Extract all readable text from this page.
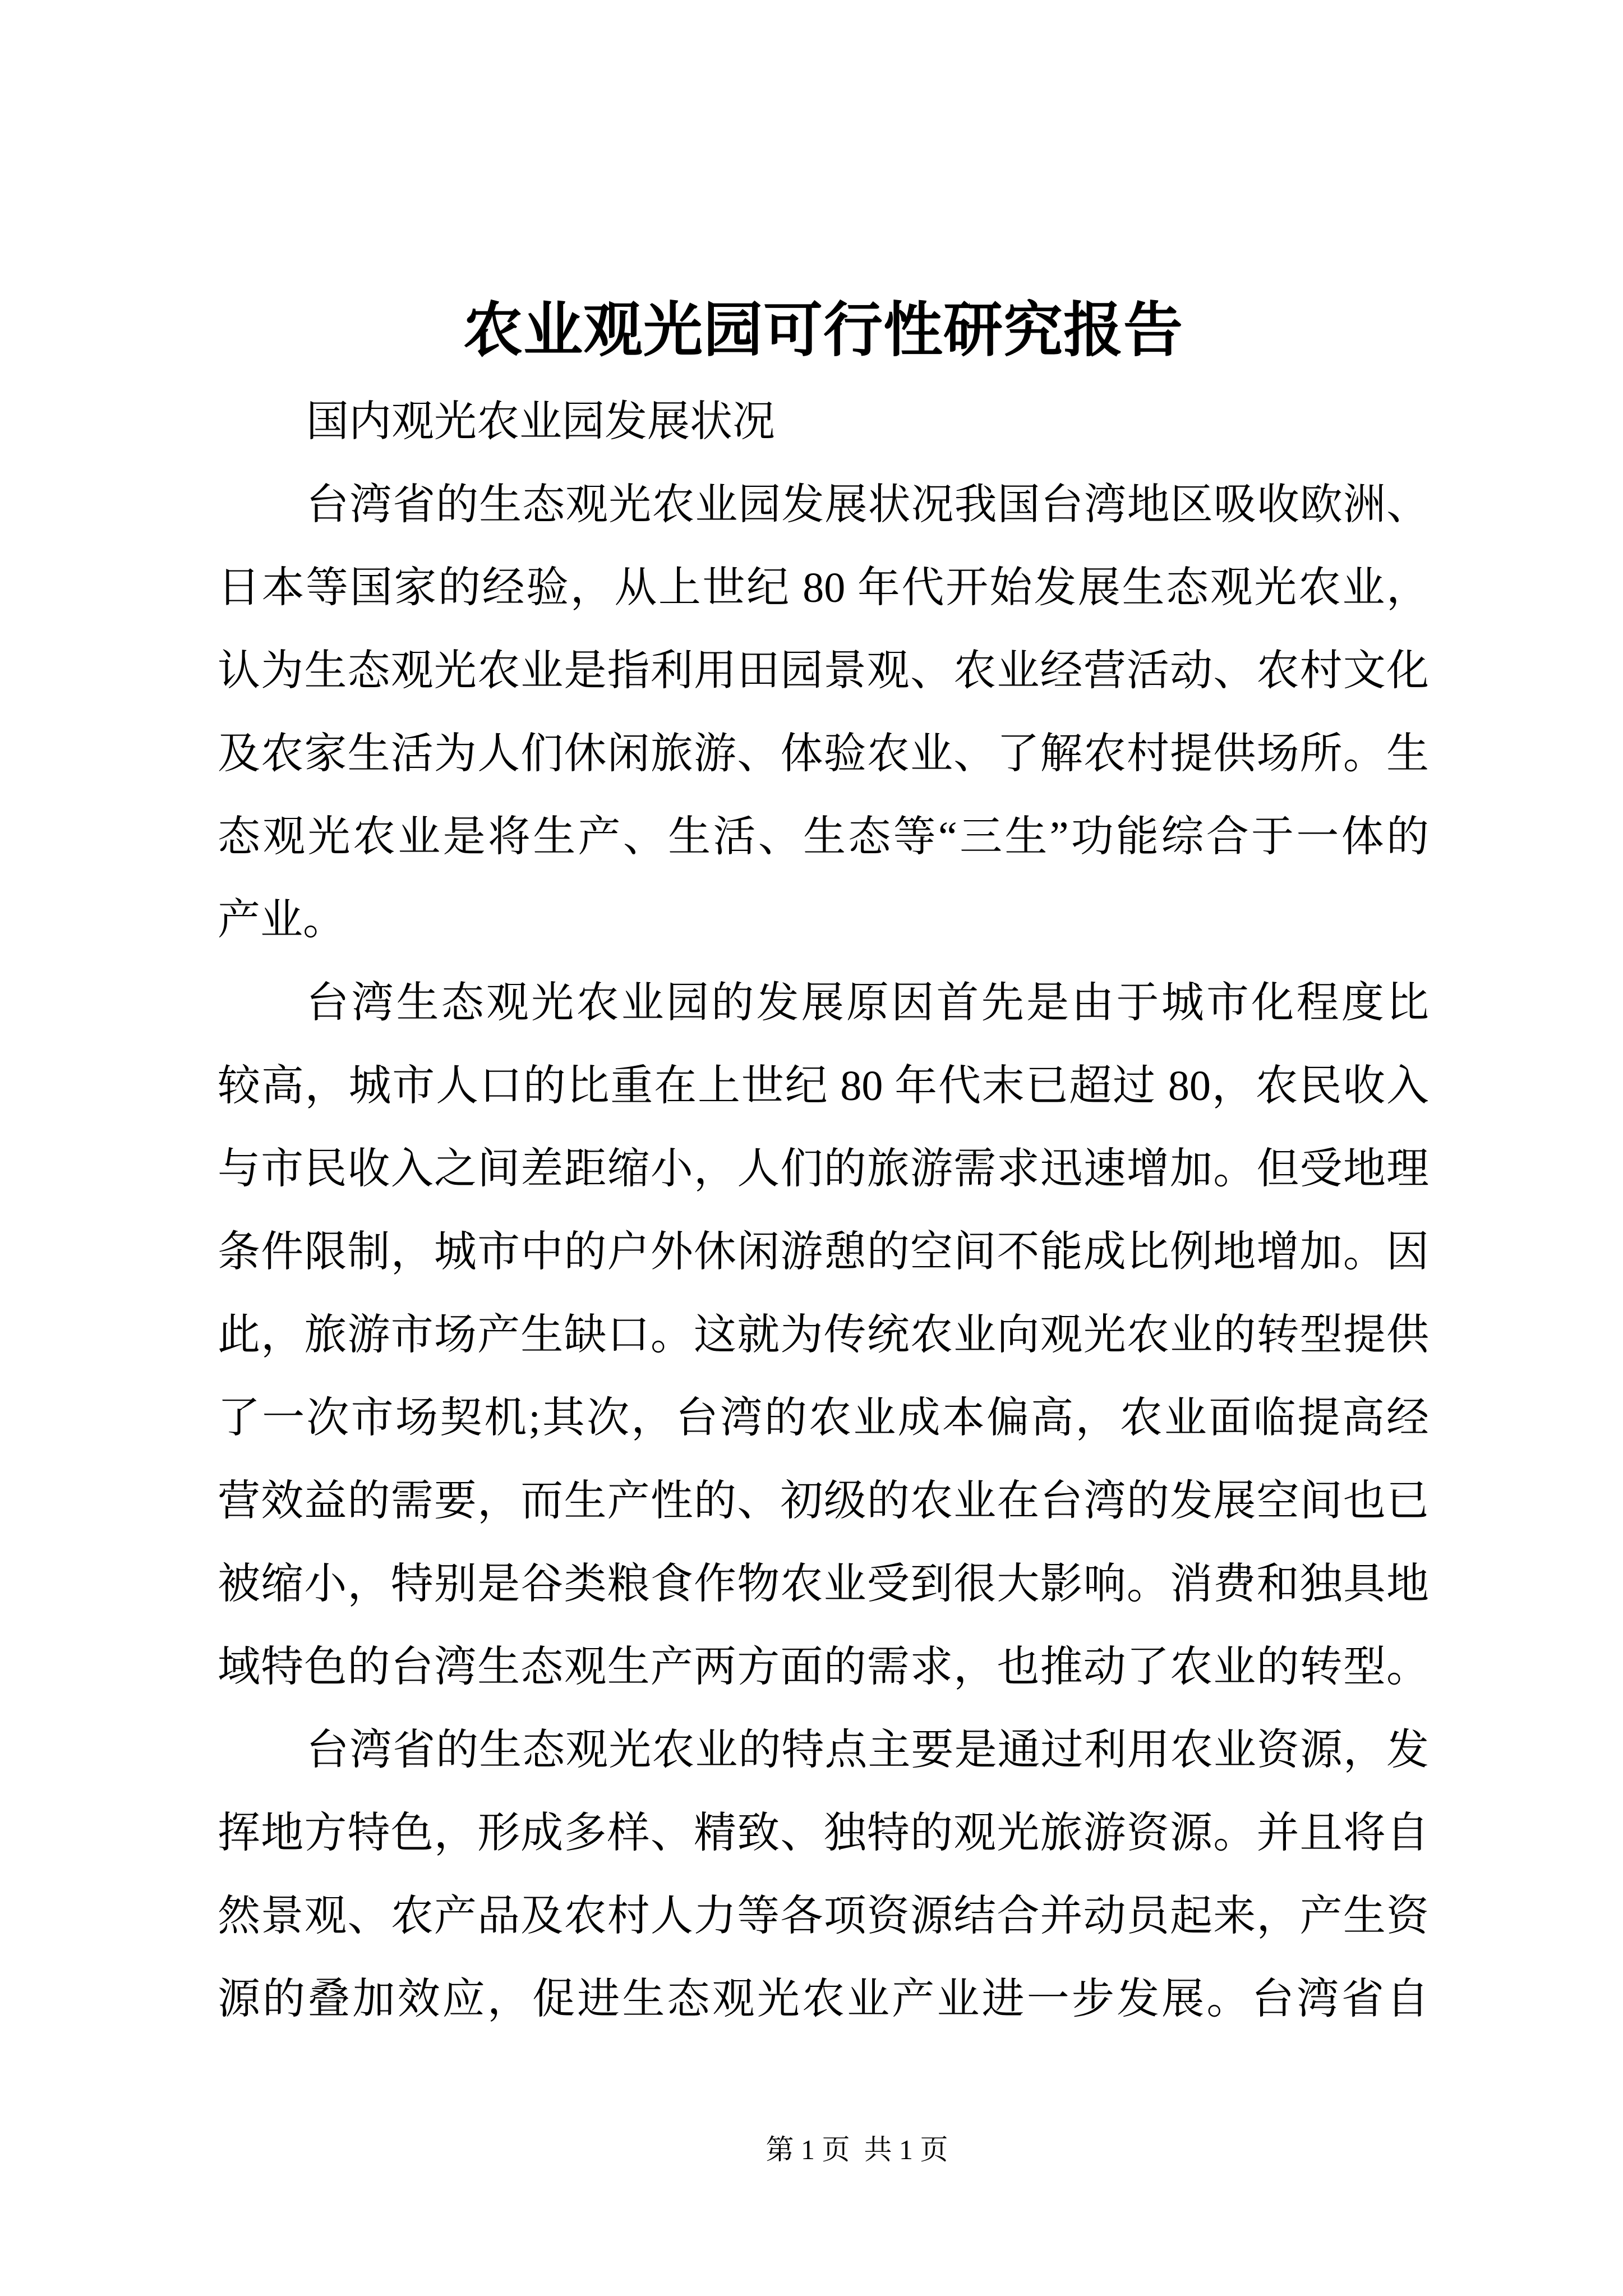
农业观光园可行性研究报告
国内观光农业园发展状况
台湾省的生态观光农业园发展状况我国台湾地区吸收欧洲、
日本等国家的经验，从上世纪 80 年代开始发展生态观光农业，
认为生态观光农业是指利用田园景观、农业经营活动、农村文化
及农家生活为人们休闲旅游、体验农业、了解农村提供场所。生
态观光农业是将生产、生活、生态等“三生”功能综合于一体的
产业。
台湾生态观光农业园的发展原因首先是由于城市化程度比
较高，城市人口的比重在上世纪 80 年代末已超过 80，农民收入
与市民收入之间差距缩小，人们的旅游需求迅速增加。但受地理
条件限制，城市中的户外休闲游憩的空间不能成比例地增加。因
此，旅游市场产生缺口。这就为传统农业向观光农业的转型提供
了一次市场契机;其次，台湾的农业成本偏高，农业面临提高经
营效益的需要，而生产性的、初级的农业在台湾的发展空间也已
被缩小，特别是谷类粮食作物农业受到很大影响。消费和独具地
域特色的台湾生态观生产两方面的需求，也推动了农业的转型。
台湾省的生态观光农业的特点主要是通过利用农业资源，发
挥地方特色，形成多样、精致、独特的观光旅游资源。并且将自
然景观、农产品及农村人力等各项资源结合并动员起来，产生资
源的叠加效应，促进生态观光农业产业进一步发展。台湾省自
第 1 页  共 1 页
